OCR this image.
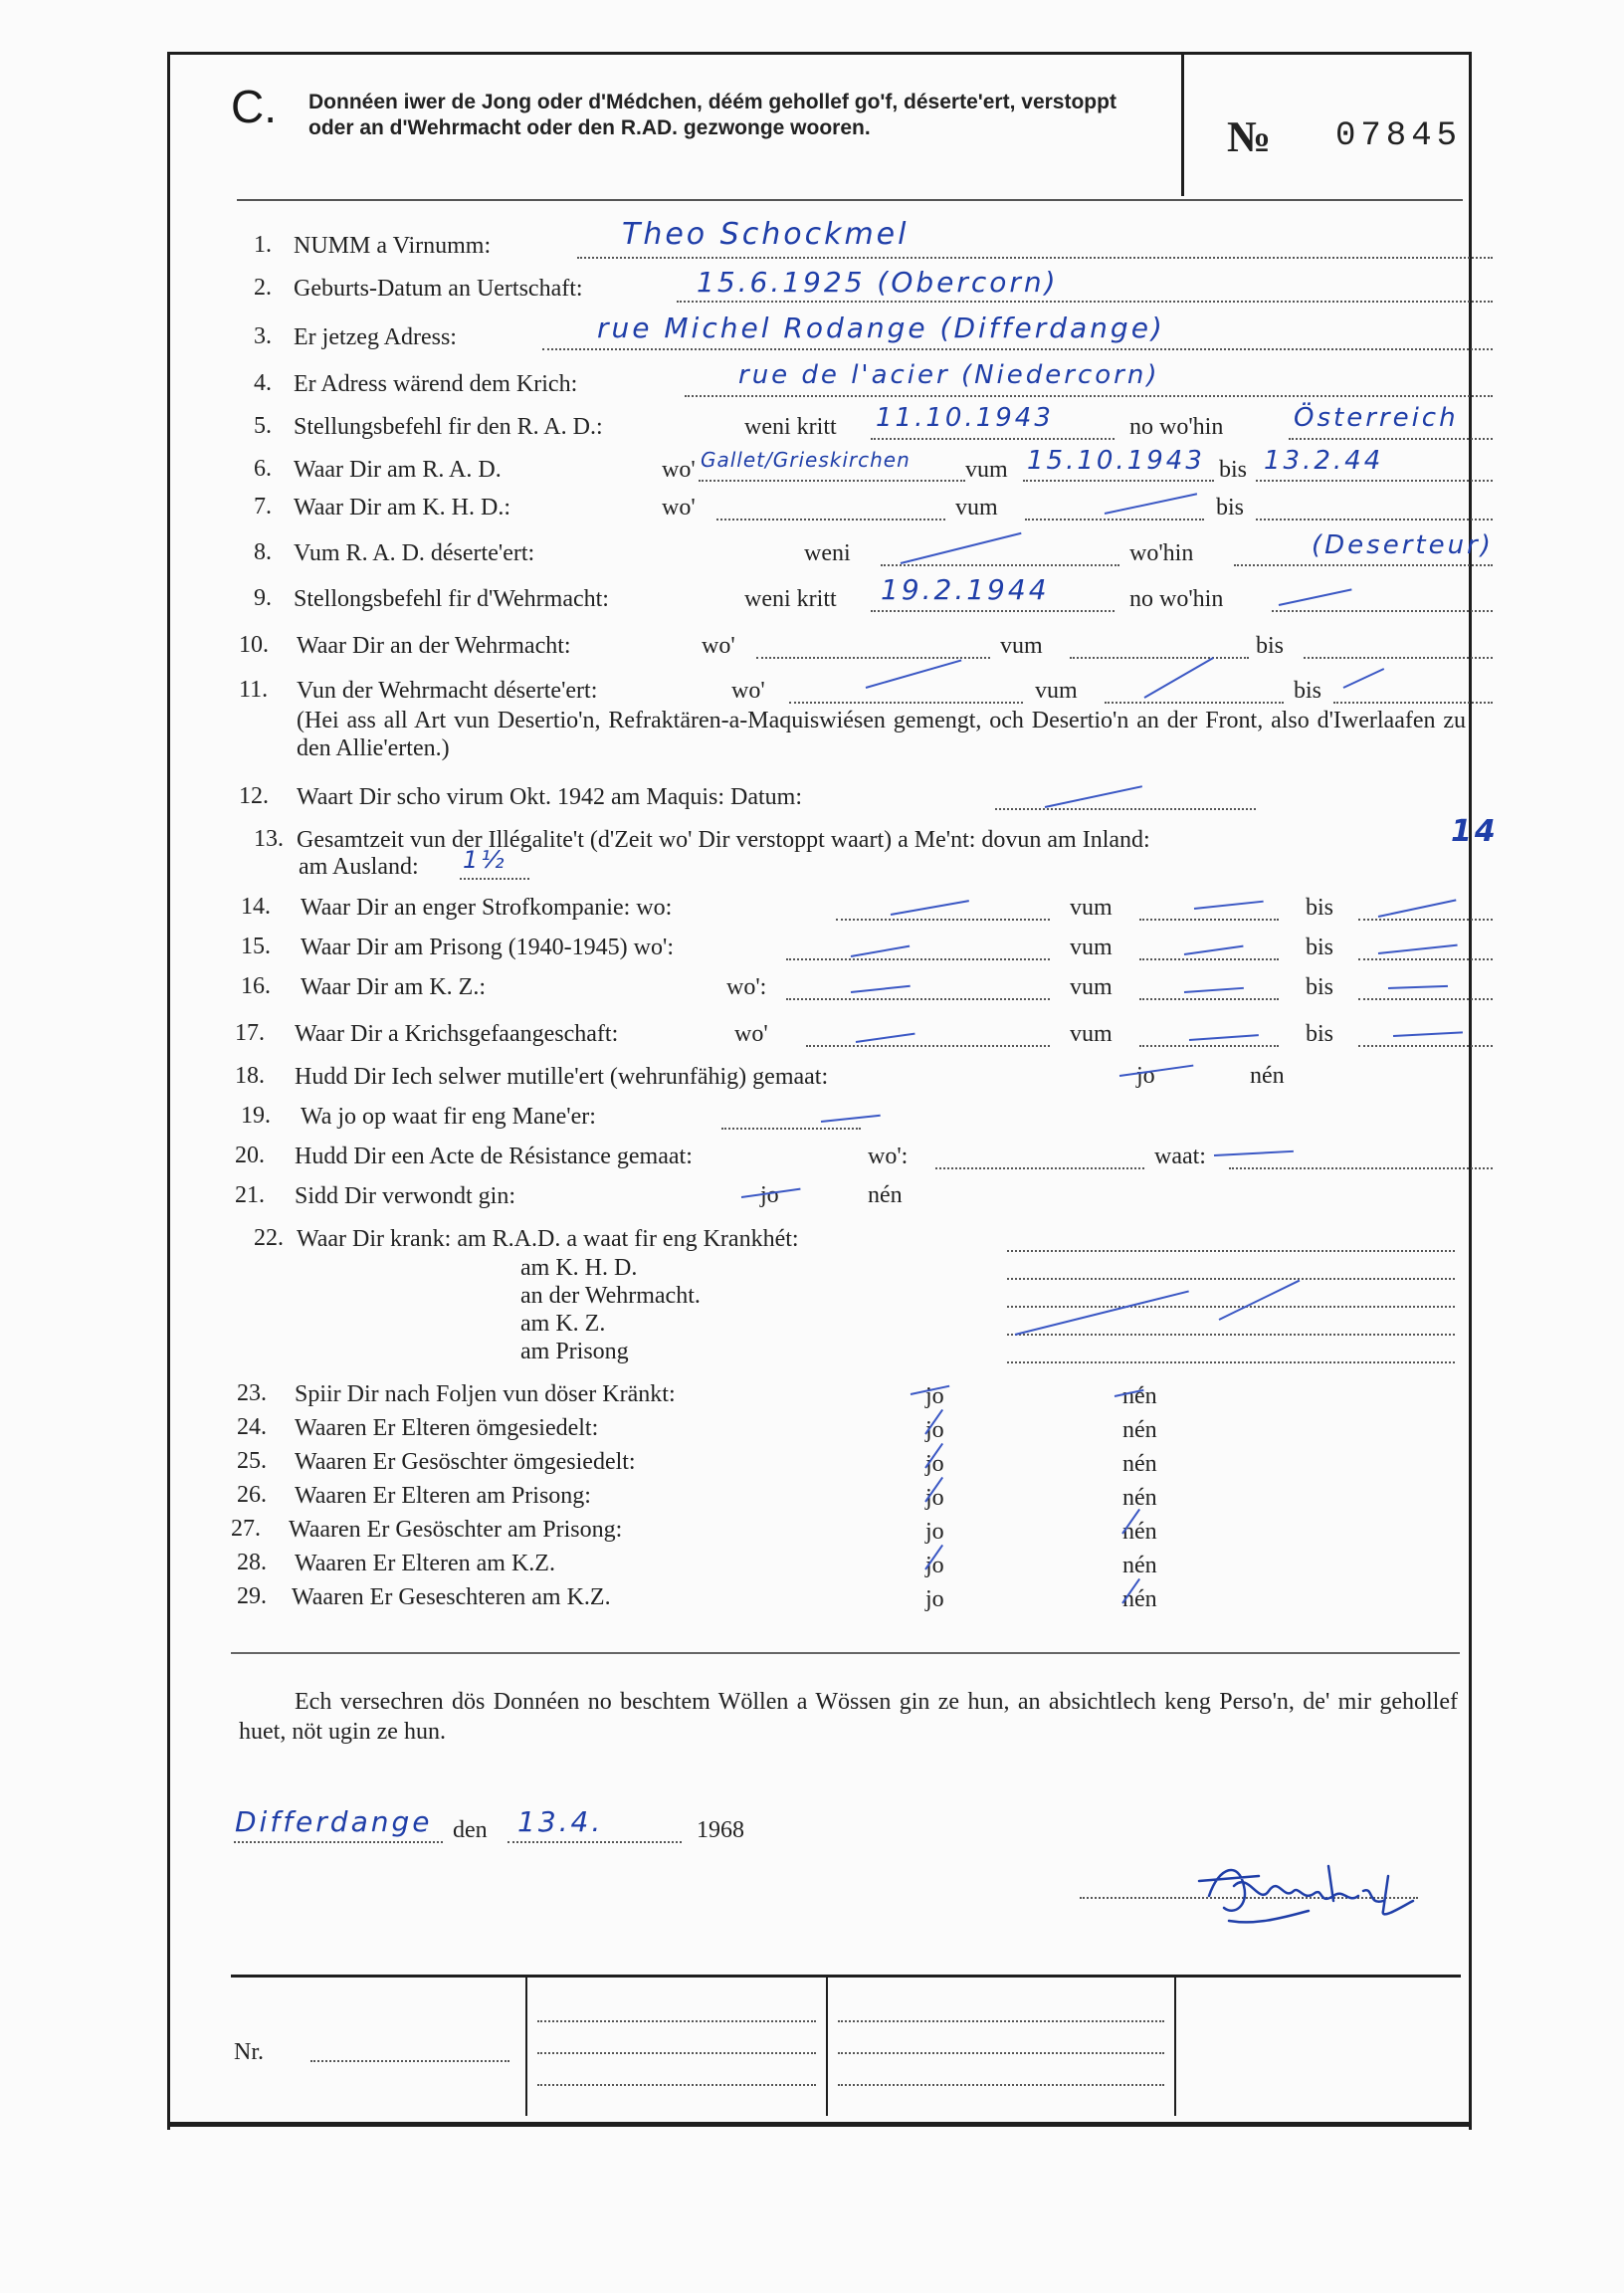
C. Donnéen iwer de Jong oder d'Médchen, déém gehollef go'f, déserte'ert, verstoppt oder an d'Wehrmacht oder den R.AD. gezwonge wooren.	№ 07845
1. NUMM a Virnumm:	Theo Schockmel
2. Geburts-Datum an Uertschaft:	15.6.1925 (Obercorn)
3. Er jetzeg Adress:	rue Michel Rodange (Differdange)
4. Er Adress wärend dem Krich:	rue de l'acier (Niedercorn)
5. Stellungsbefehl fir den R. A. D.:	weni kritt 11.10.1943	no wo'hin	Österreich
6. Waar Dir am R. A. D.	wo' Gallet/Grieskirchen vum 15.10.1943 bis 13.2.44
7. Waar Dir am K. H. D.:	wo'	vum	bis
8. Vum R. A. D. déserte'ert:	weni	wo'hin	(Deserteur)
9. Stellongsbefehl fir d'Wehrmacht:	weni kritt 19.2.1944	no wo'hin
10. Waar Dir an der Wehrmacht:	wo'	vum	bis
11. Vun der Wehrmacht déserte'ert:	wo'	vum	bis
(Hei ass all Art vun Desertio'n, Refraktären-a-Maquiswiésen gemengt, och Desertio'n an der Front, also d'Iwerlaafen zu den Allie'erten.)
12. Waart Dir scho virum Okt. 1942 am Maquis: Datum:
13. Gesamtzeit vun der Illégalite't (d'Zeit wo' Dir verstoppt waart) a Me'nt: dovun am Inland:	14
am Ausland: 1½
14. Waar Dir an enger Strofkompanie: wo:	vum	bis
15. Waar Dir am Prisong (1940-1945) wo':	vum	bis
16. Waar Dir am K. Z.:	wo':	vum	bis
17. Waar Dir a Krichsgefaangeschaft:	wo'	vum	bis
18. Hudd Dir Iech selwer mutille'ert (wehrunfähig) gemaat:	jo	nén
19. Wa jo op waat fir eng Mane'er:
20. Hudd Dir een Acte de Résistance gemaat:	wo':	waat:
21. Sidd Dir verwondt gin:	jo	nén
22. Waar Dir krank: am R.A.D. a waat fir eng Krankhét:
am K. H. D.
an der Wehrmacht.
am K. Z.
am Prisong
23. Spiir Dir nach Foljen vun döser Kränkt:	jo	nén
24. Waaren Er Elteren ömgesiedelt:	jo	nén
25. Waaren Er Gesöschter ömgesiedelt:	jo	nén
26. Waaren Er Elteren am Prisong:	jo	nén
27. Waaren Er Gesöschter am Prisong:	jo	nén
28. Waaren Er Elteren am K.Z.	jo	nén
29. Waaren Er Geseschteren am K.Z.	jo	nén
Ech versechren dös Donnéen no beschtem Wöllen a Wössen gin ze hun, an absichtlech keng Perso'n, de' mir gehollef huet, nöt ugin ze hun.
Differdange den 13.4.	1968
Nr.
